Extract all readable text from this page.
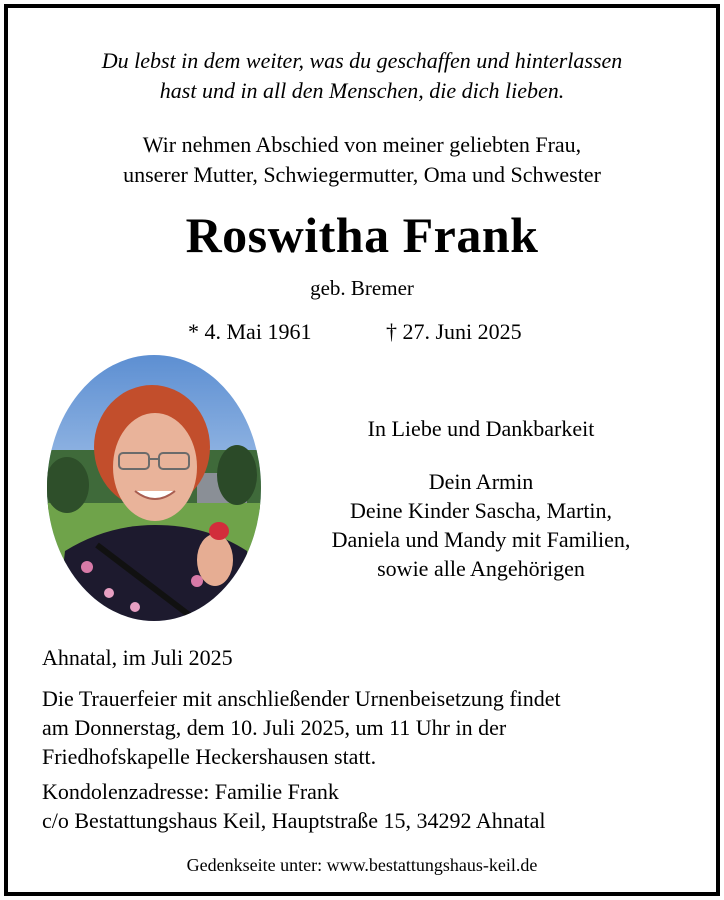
Du lebst in dem weiter, was du geschaffen und hinterlassen
hast und in all den Menschen, die dich lieben.
Wir nehmen Abschied von meiner geliebten Frau,
unserer Mutter, Schwiegermutter, Oma und Schwester
Roswitha Frank
geb. Bremer
* 4. Mai 1961	† 27. Juni 2025
In Liebe und Dankbarkeit
Dein Armin
Deine Kinder Sascha, Martin,
Daniela und Mandy mit Familien,
sowie alle Angehörigen
Ahnatal, im Juli 2025
Die Trauerfeier mit anschließender Urnenbeisetzung findet
am Donnerstag, dem 10. Juli 2025, um 11 Uhr in der
Friedhofskapelle Heckershausen statt.
Kondolenzadresse: Familie Frank
c/o Bestattungshaus Keil, Hauptstraße 15, 34292 Ahnatal
Gedenkseite unter: www.bestattungshaus-keil.de
